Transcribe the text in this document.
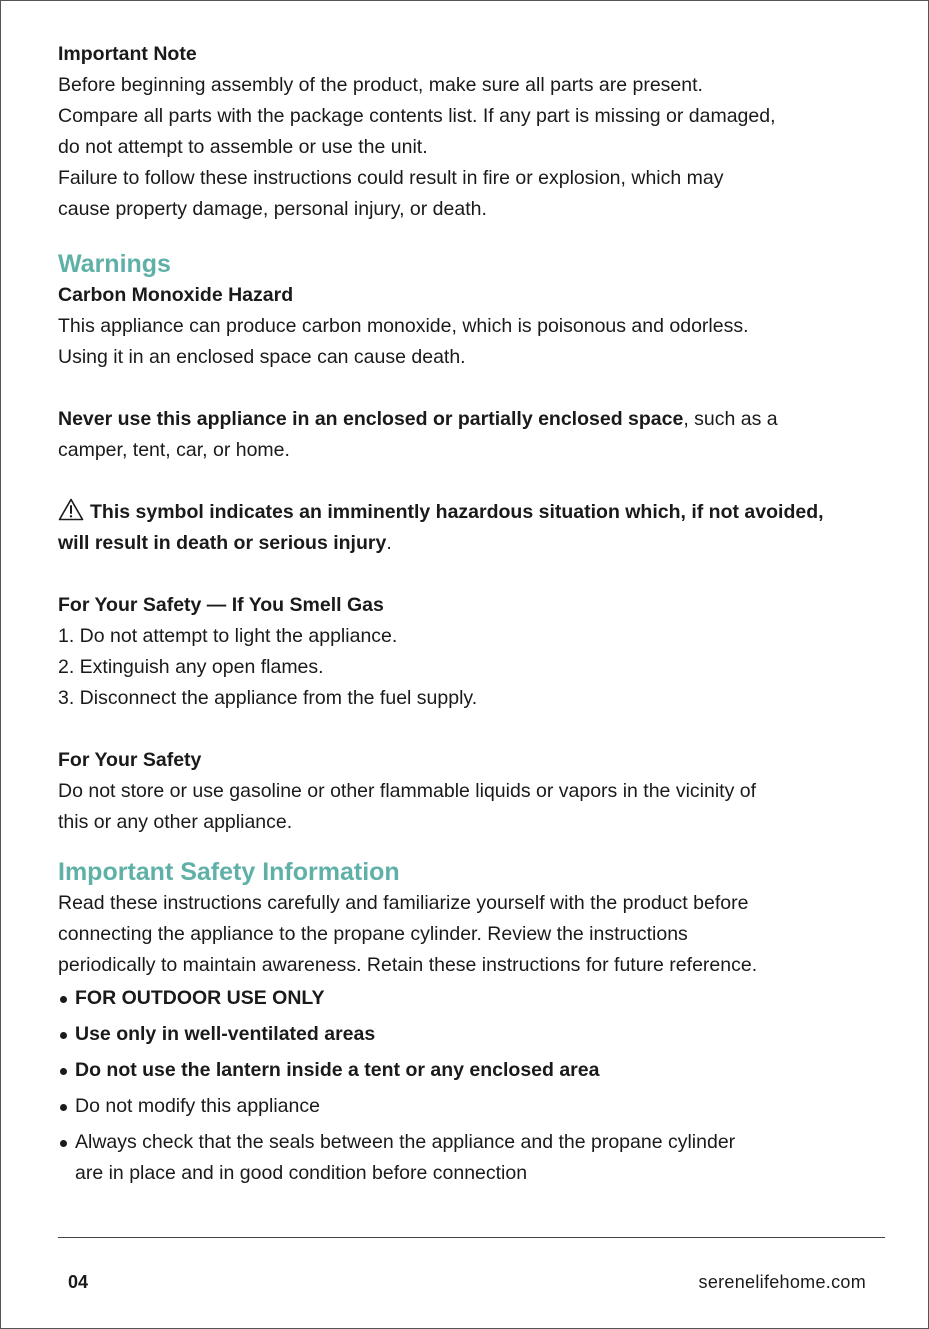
Important Note

Before beginning assembly of the product, make sure all parts are present.

Compare all parts with the package contents list. If any part is missing or damaged,

do not attempt to assemble or use the unit.

Failure to follow these instructions could result in fire or explosion, which may

cause property damage, personal injury, or death.

Warnings

Carbon Monoxide Hazard

This appliance can produce carbon monoxide, which is poisonous and odorless.

Using it in an enclosed space can cause death.

Never use this appliance in an enclosed or partially enclosed space, such as a

camper, tent, car, or home.

This symbol indicates an imminently hazardous situation which, if not avoided,

will result in death or serious injury.

For Your Safety — If You Smell Gas

1. Do not attempt to light the appliance.

2. Extinguish any open flames.

3. Disconnect the appliance from the fuel supply.

For Your Safety

Do not store or use gasoline or other flammable liquids or vapors in the vicinity of

this or any other appliance.

Important Safety Information

Read these instructions carefully and familiarize yourself with the product before

connecting the appliance to the propane cylinder. Review the instructions

periodically to maintain awareness. Retain these instructions for future reference.

FOR OUTDOOR USE ONLY

Use only in well-ventilated areas

Do not use the lantern inside a tent or any enclosed area

Do not modify this appliance

Always check that the seals between the appliance and the propane cylinder
are in place and in good condition before connection

04	serenelifehome.com
